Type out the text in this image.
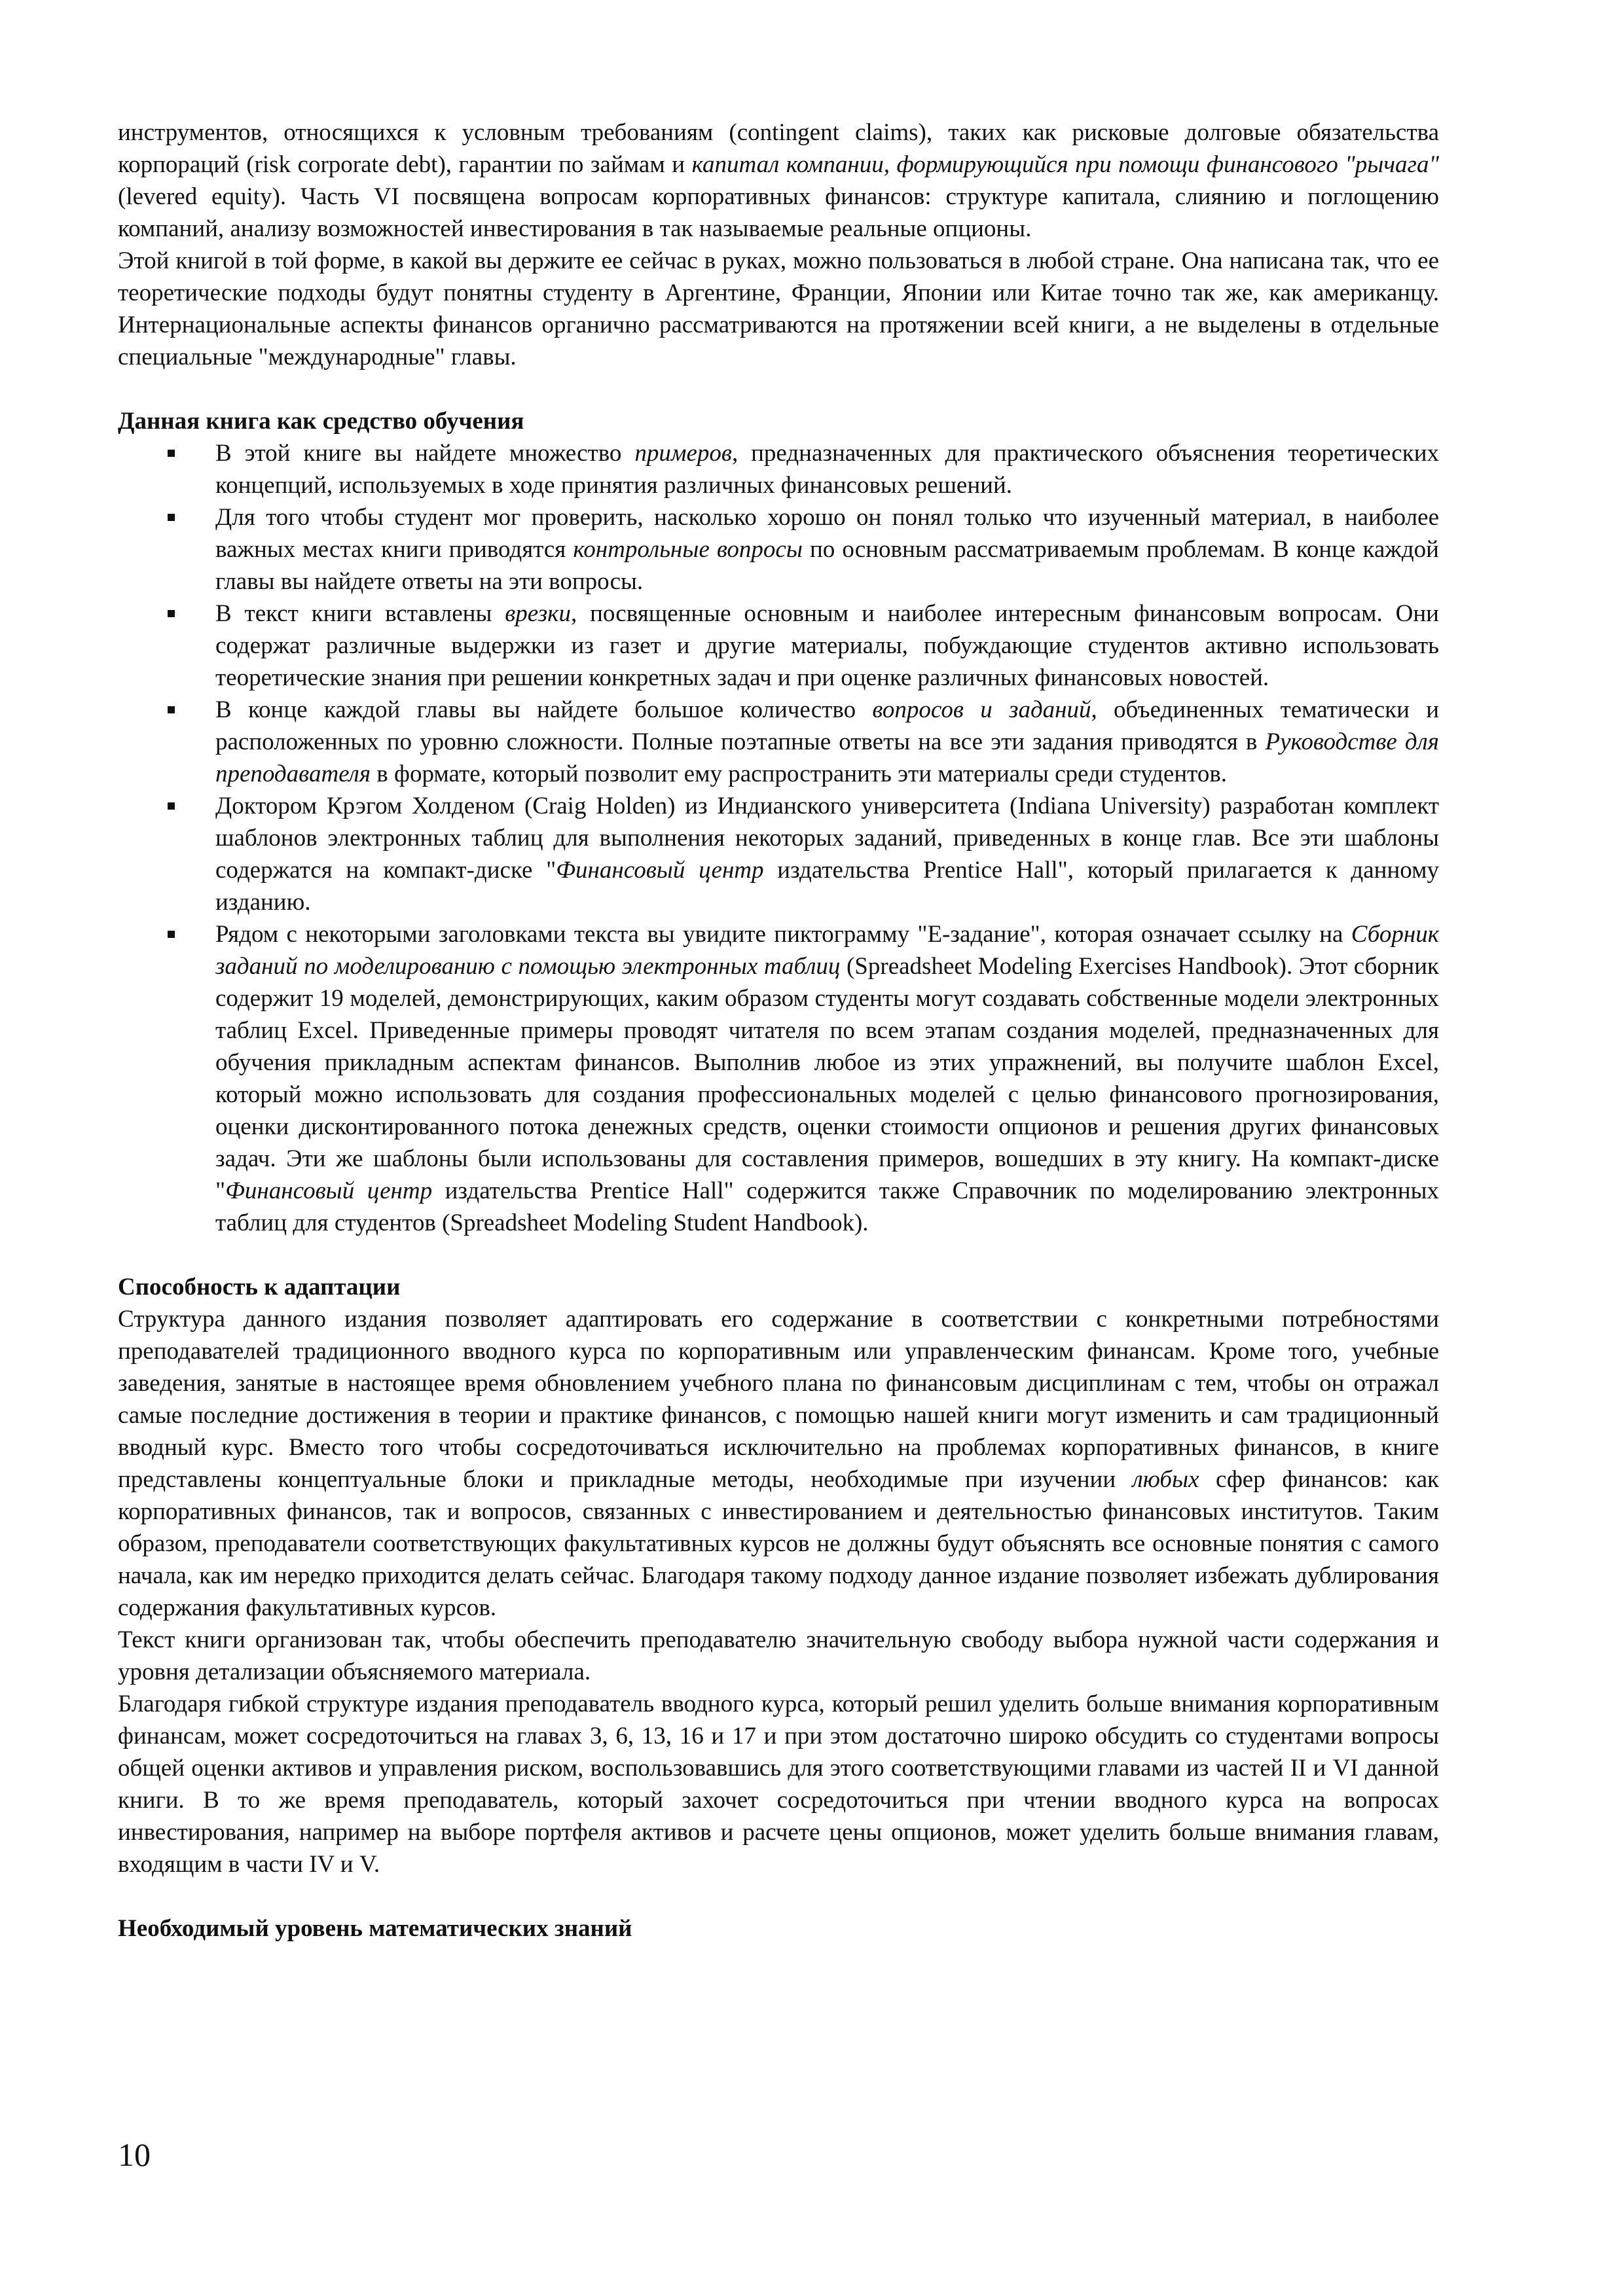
инструментов, относящихся к условным требованиям (contingent claims), таких как рисковые долговые обязательства корпораций (risk corporate debt), гарантии по займам и капитал компании, формирующийся при помощи финансового "рычага" (levered equity). Часть VI посвящена вопросам корпоративных финансов: структуре капитала, слиянию и поглощению компаний, анализу возможностей инвестирования в так называемые реальные опционы.

Этой книгой в той форме, в какой вы держите ее сейчас в руках, можно пользоваться в любой стране. Она написана так, что ее теоретические подходы будут понятны студенту в Аргентине, Франции, Японии или Китае точно так же, как американцу. Интернациональные аспекты финансов органично рассматриваются на протяжении всей книги, а не выделены в отдельные специальные "международные" главы.

Данная книга как средство обучения
В этой книге вы найдете множество примеров, предназначенных для практического объяснения теоретических концепций, используемых в ходе принятия различных финансовых решений.
Для того чтобы студент мог проверить, насколько хорошо он понял только что изученный материал, в наиболее важных местах книги приводятся контрольные вопросы по основным рассматриваемым проблемам. В конце каждой главы вы найдете ответы на эти вопросы.
В текст книги вставлены врезки, посвященные основным и наиболее интересным финансовым вопросам. Они содержат различные выдержки из газет и другие материалы, побуждающие студентов активно использовать теоретические знания при решении конкретных задач и при оценке различных финансовых новостей.
В конце каждой главы вы найдете большое количество вопросов и заданий, объединенных тематически и расположенных по уровню сложности. Полные поэтапные ответы на все эти задания приводятся в Руководстве для преподавателя в формате, который позволит ему распространить эти материалы среди студентов.
Доктором Крэгом Холденом (Craig Holden) из Индианского университета (Indiana University) разработан комплект шаблонов электронных таблиц для выполнения некоторых заданий, приведенных в конце глав. Все эти шаблоны содержатся на компакт-диске "Финансовый центр издательства Prentice Hall", который прилагается к данному изданию.
Рядом с некоторыми заголовками текста вы увидите пиктограмму "Е-задание", которая означает ссылку на Сборник заданий по моделированию с помощью электронных таблиц (Spreadsheet Modeling Exercises Handbook). Этот сборник содержит 19 моделей, демонстрирующих, каким образом студенты могут создавать собственные модели электронных таблиц Excel. Приведенные примеры проводят читателя по всем этапам создания моделей, предназначенных для обучения прикладным аспектам финансов. Выполнив любое из этих упражнений, вы получите шаблон Excel, который можно использовать для создания профессиональных моделей с целью финансового прогнозирования, оценки дисконтированного потока денежных средств, оценки стоимости опционов и решения других финансовых задач. Эти же шаблоны были использованы для составления примеров, вошедших в эту книгу. На компакт-диске "Финансовый центр издательства Prentice Hall" содержится также Справочник по моделированию электронных таблиц для студентов (Spreadsheet Modeling Student Handbook).
Способность к адаптации

Структура данного издания позволяет адаптировать его содержание в соответствии с конкретными потребностями преподавателей традиционного вводного курса по корпоративным или управленческим финансам. Кроме того, учебные заведения, занятые в настоящее время обновлением учебного плана по финансовым дисциплинам с тем, чтобы он отражал самые последние достижения в теории и практике финансов, с помощью нашей книги могут изменить и сам традиционный вводный курс. Вместо того чтобы сосредоточиваться исключительно на проблемах корпоративных финансов, в книге представлены концептуальные блоки и прикладные методы, необходимые при изучении любых сфер финансов: как корпоративных финансов, так и вопросов, связанных с инвестированием и деятельностью финансовых институтов. Таким образом, преподаватели соответствующих факультативных курсов не должны будут объяснять все основные понятия с самого начала, как им нередко приходится делать сейчас. Благодаря такому подходу данное издание позволяет избежать дублирования содержания факультативных курсов.

Текст книги организован так, чтобы обеспечить преподавателю значительную свободу выбора нужной части содержания и уровня детализации объясняемого материала.

Благодаря гибкой структуре издания преподаватель вводного курса, который решил уделить больше внимания корпоративным финансам, может сосредоточиться на главах 3, 6, 13, 16 и 17 и при этом достаточно широко обсудить со студентами вопросы общей оценки активов и управления риском, воспользовавшись для этого соответствующими главами из частей II и VI данной книги. В то же время преподаватель, который захочет сосредоточиться при чтении вводного курса на вопросах инвестирования, например на выборе портфеля активов и расчете цены опционов, может уделить больше внимания главам, входящим в части IV и V.

Необходимый уровень математических знаний
10
